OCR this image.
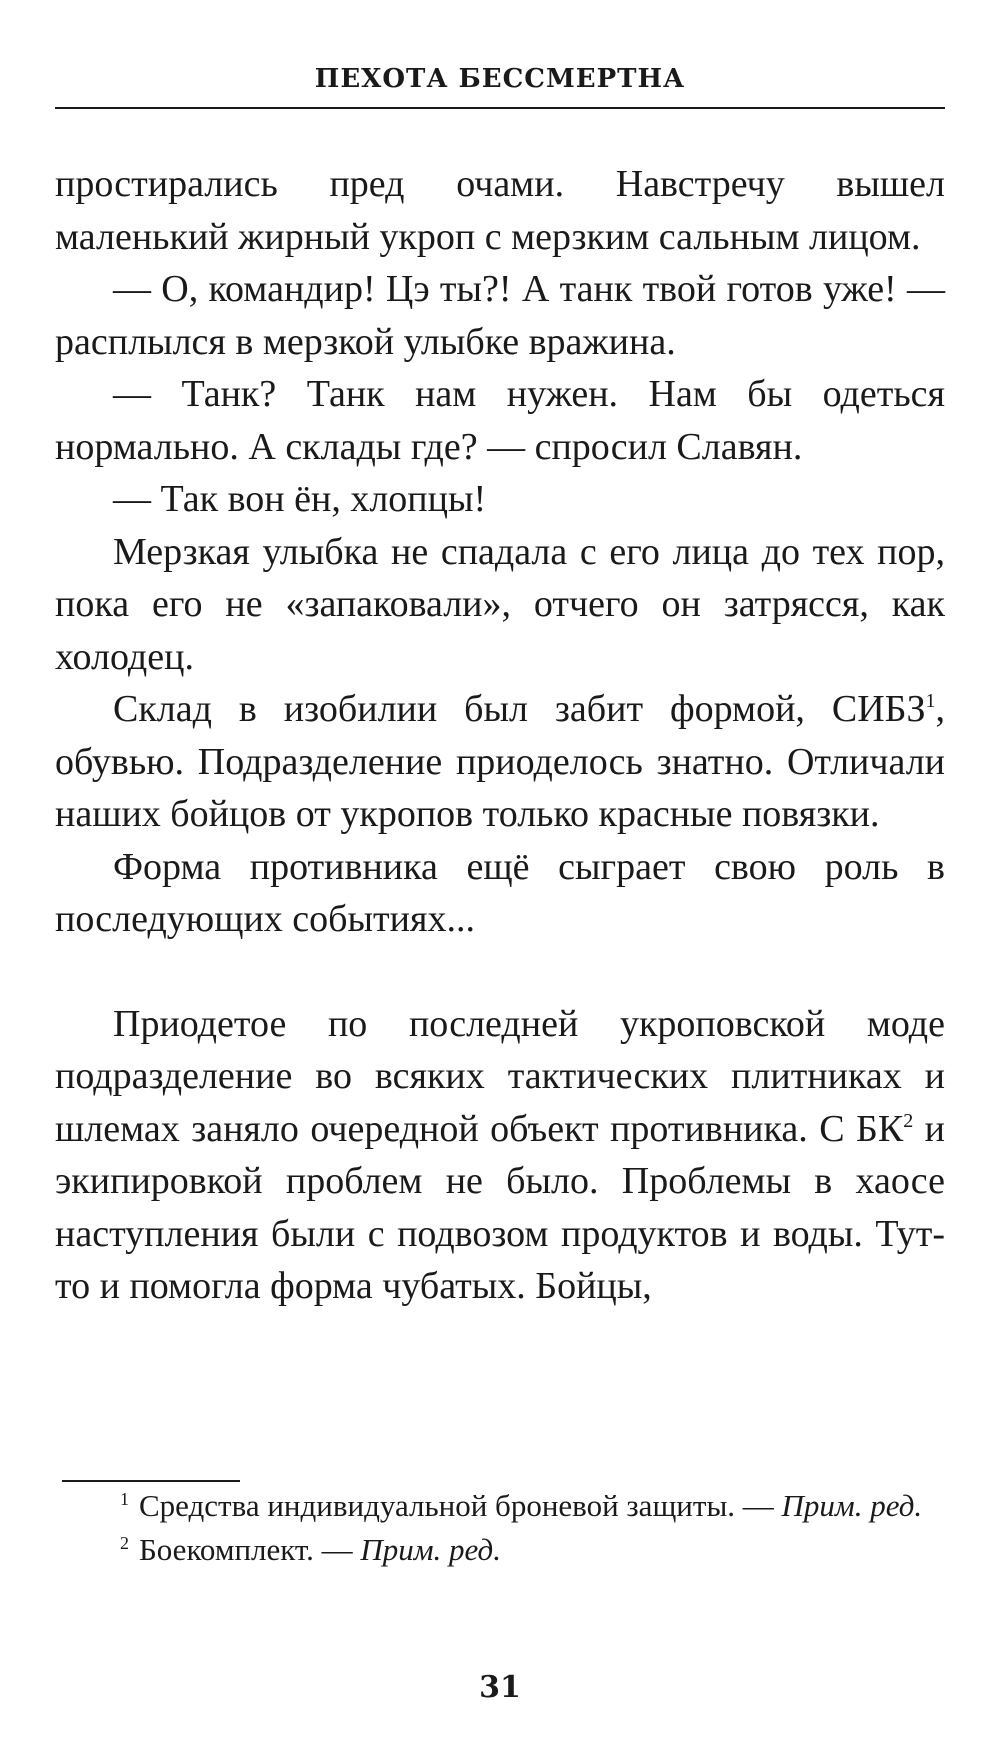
ПЕХОТА БЕССМЕРТНА

простирались пред очами. Навстречу вышел маленький жирный укроп с мерзким сальным лицом.

— О, командир! Цэ ты?! А танк твой готов уже! — расплылся в мерзкой улыбке вражина.

— Танк? Танк нам нужен. Нам бы одеться нормально. А склады где? — спросил Славян.

— Так вон ён, хлопцы!

Мерзкая улыбка не спадала с его лица до тех пор, пока его не «запаковали», отчего он затрясся, как холодец.

Склад в изобилии был забит формой, СИБЗ$^1$, обувью. Подразделение приоделось знатно. Отличали наших бойцов от укропов только красные повязки.

Форма противника ещё сыграет свою роль в последующих событиях...

Приодетое по последней укроповской моде подразделение во всяких тактических плитниках и шлемах заняло очередной объект противника. С $БК^2$ и экипировкой проблем не было. Проблемы в хаосе наступления были с подвозом продуктов и воды. Тут-то и помогла форма чубатых. Бойцы,

$^1$ Средства индивидуальной броневой защиты. — Прим. ред.

$^2$ Боекомплект. — Прим. ред.

31
